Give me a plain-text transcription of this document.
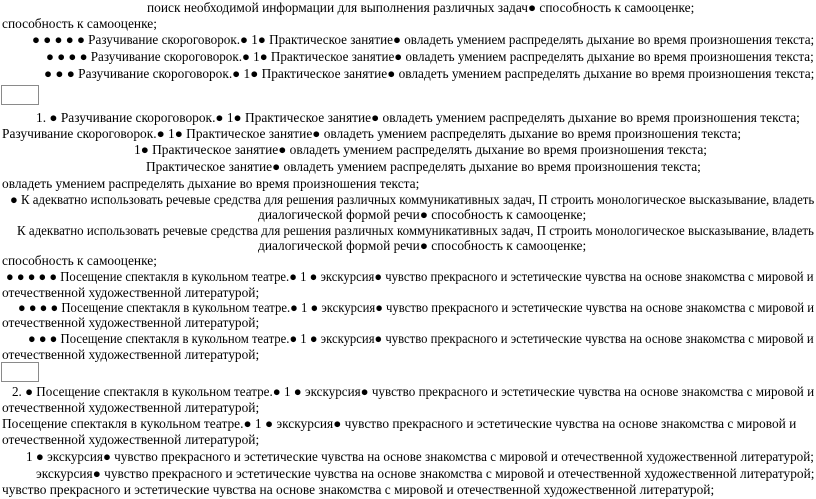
поиск необходимой информации для выполнения различных задач● способность к самооценке;
способность к самооценке;
● ● ● ● ● Разучивание скороговорок.● 1● Практическое занятие● овладеть умением распределять дыхание во время произношения текста;
● ● ● ● Разучивание скороговорок.● 1● Практическое занятие● овладеть умением распределять дыхание во время произношения текста;
● ● ● Разучивание скороговорок.● 1● Практическое занятие● овладеть умением распределять дыхание во время произношения текста;
1. ● Разучивание скороговорок.● 1● Практическое занятие● овладеть умением распределять дыхание во время произношения текста;
Разучивание скороговорок.● 1● Практическое занятие● овладеть умением распределять дыхание во время произношения текста;
1● Практическое занятие● овладеть умением распределять дыхание во время произношения текста;
Практическое занятие● овладеть умением распределять дыхание во время произношения текста;
овладеть умением распределять дыхание во время произношения текста;
● К адекватно использовать речевые средства для решения различных коммуникативных задач, П строить монологическое высказывание, владеть
диалогической формой речи● способность к самооценке;
К адекватно использовать речевые средства для решения различных коммуникативных задач, П строить монологическое высказывание, владеть
диалогической формой речи● способность к самооценке;
способность к самооценке;
● ● ● ● ● Посещение спектакля в кукольном театре.● 1 ● экскурсия● чувство прекрасного и эстетические чувства на основе знакомства с мировой и
отечественной художественной литературой;
● ● ● ● Посещение спектакля в кукольном театре.● 1 ● экскурсия● чувство прекрасного и эстетические чувства на основе знакомства с мировой и
отечественной художественной литературой;
● ● ● Посещение спектакля в кукольном театре.● 1 ● экскурсия● чувство прекрасного и эстетические чувства на основе знакомства с мировой и
отечественной художественной литературой;
2. ● Посещение спектакля в кукольном театре.● 1 ● экскурсия● чувство прекрасного и эстетические чувства на основе знакомства с мировой и
отечественной художественной литературой;
Посещение спектакля в кукольном театре.● 1 ● экскурсия● чувство прекрасного и эстетические чувства на основе знакомства с мировой и
отечественной художественной литературой;
1 ● экскурсия● чувство прекрасного и эстетические чувства на основе знакомства с мировой и отечественной художественной литературой;
экскурсия● чувство прекрасного и эстетические чувства на основе знакомства с мировой и отечественной художественной литературой;
чувство прекрасного и эстетические чувства на основе знакомства с мировой и отечественной художественной литературой;
